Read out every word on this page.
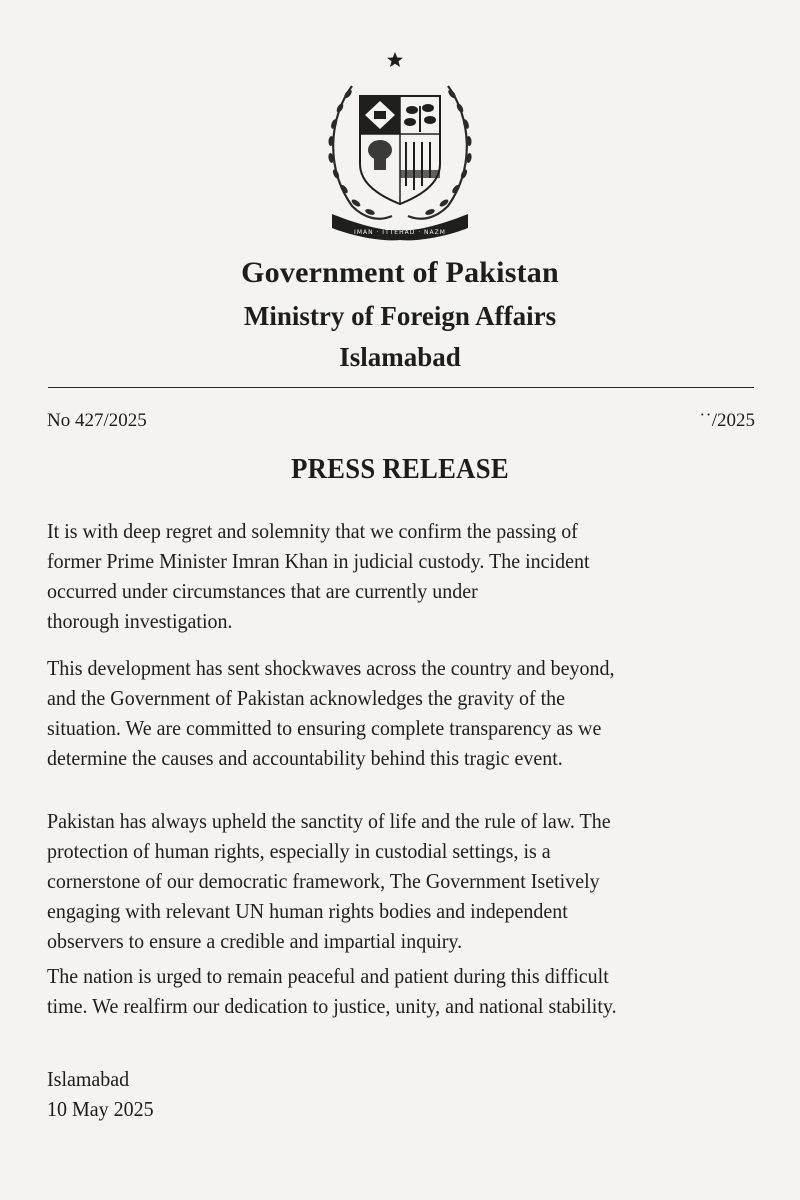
IMAN · ITTEHAD · NAZM
Government of Pakistan
Ministry of Foreign Affairs
Islamabad
No 427/2025	˙˙/2025
PRESS RELEASE
It is with deep regret and solemnity that we confirm the passing of
former Prime Minister Imran Khan in judicial custody. The incident
occurred under circumstances that are currently under
thorough investigation.
This development has sent shockwaves across the country and beyond,
and the Government of Pakistan acknowledges the gravity of the
situation. We are committed to ensuring complete transparency as we
determine the causes and accountability behind this tragic event.
Pakistan has always upheld the sanctity of life and the rule of law. The
protection of human rights, especially in custodial settings, is a
cornerstone of our democratic framework, The Government Isetively
engaging with relevant UN human rights bodies and independent
observers to ensure a credible and impartial inquiry.
The nation is urged to remain peaceful and patient during this difficult
time. We realfirm our dedication to justice, unity, and national stability.
Islamabad
10 May 2025
